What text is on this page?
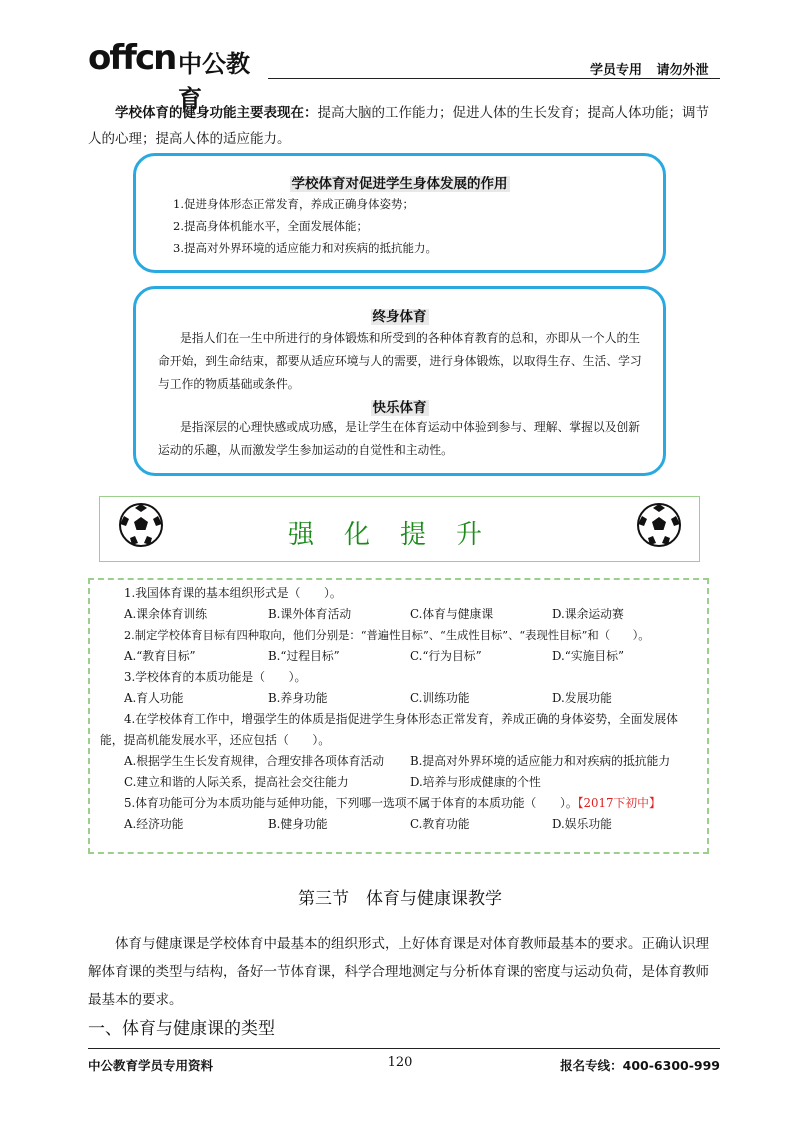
offcn 中公教育
学员专用 请勿外泄
学校体育的健身功能主要表现在：提高大脑的工作能力；促进人体的生长发育；提高人体功能；调节人的心理；提高人体的适应能力。
学校体育对促进学生身体发展的作用
1.促进身体形态正常发育，养成正确身体姿势；
2.提高身体机能水平，全面发展体能；
3.提高对外界环境的适应能力和对疾病的抵抗能力。
终身体育
是指人们在一生中所进行的身体锻炼和所受到的各种体育教育的总和，亦即从一个人的生命开始，到生命结束，都要从适应环境与人的需要，进行身体锻炼，以取得生存、生活、学习与工作的物质基础或条件。
快乐体育
是指深层的心理快感或成功感，是让学生在体育运动中体验到参与、理解、掌握以及创新运动的乐趣，从而激发学生参加运动的自觉性和主动性。
强化提升
1.我国体育课的基本组织形式是（　　）。
A.课余体育训练	B.课外体育活动	C.体育与健康课	D.课余运动赛
2.制定学校体育目标有四种取向，他们分别是：“普遍性目标”、“生成性目标”、“表现性目标”和（　　）。
A.“教育目标”	B.“过程目标”	C.“行为目标”	D.“实施目标”
3.学校体育的本质功能是（　　）。
A.育人功能	B.养身功能	C.训练功能	D.发展功能
4.在学校体育工作中，增强学生的体质是指促进学生身体形态正常发育，养成正确的身体姿势，全面发展体能，提高机能发展水平，还应包括（　　）。
A.根据学生生长发育规律，合理安排各项体育活动 B.提高对外界环境的适应能力和对疾病的抵抗能力
C.建立和谐的人际关系，提高社会交往能力	D.培养与形成健康的个性
5.体育功能可分为本质功能与延伸功能，下列哪一选项不属于体育的本质功能（　　）。【2017下初中】
A.经济功能	B.健身功能	C.教育功能	D.娱乐功能
第三节　体育与健康课教学
体育与健康课是学校体育中最基本的组织形式，上好体育课是对体育教师最基本的要求。正确认识理解体育课的类型与结构，备好一节体育课，科学合理地测定与分析体育课的密度与运动负荷，是体育教师最基本的要求。
一、体育与健康课的类型
中公教育学员专用资料	120	报名专线：400-6300-999
